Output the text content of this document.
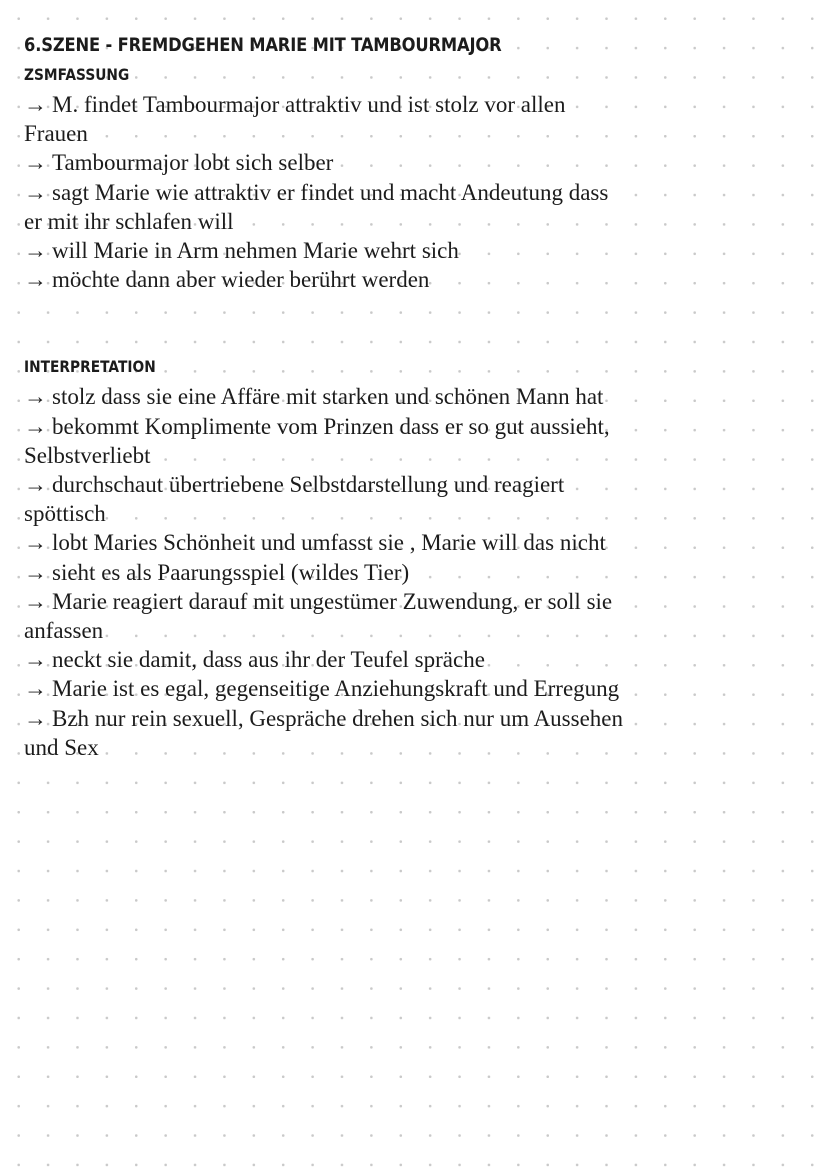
6.SZENE - FREMDGEHEN MARIE MIT TAMBOURMAJOR
ZSMFASSUNG
→ M. findet Tambourmajor attraktiv und ist stolz vor allen Frauen
→ Tambourmajor lobt sich selber
→ sagt Marie wie attraktiv er findet und macht Andeutung dass er mit ihr schlafen will
→ will Marie in Arm nehmen Marie wehrt sich
→ möchte dann aber wieder berührt werden
INTERPRETATION
→ stolz dass sie eine Affäre mit starken und schönen Mann hat
→ bekommt Komplimente vom Prinzen dass er so gut aussieht, Selbstverliebt
→ durchschaut übertriebene Selbstdarstellung und reagiert spöttisch
→ lobt Maries Schönheit und umfasst sie , Marie will das nicht
→ sieht es als Paarungsspiel (wildes Tier)
→ Marie reagiert darauf mit ungestümer Zuwendung, er soll sie anfassen
→ neckt sie damit, dass aus ihr der Teufel spräche
→ Marie ist es egal, gegenseitige Anziehungskraft und Erregung
→ Bzh nur rein sexuell, Gespräche drehen sich nur um Aussehen und Sex
